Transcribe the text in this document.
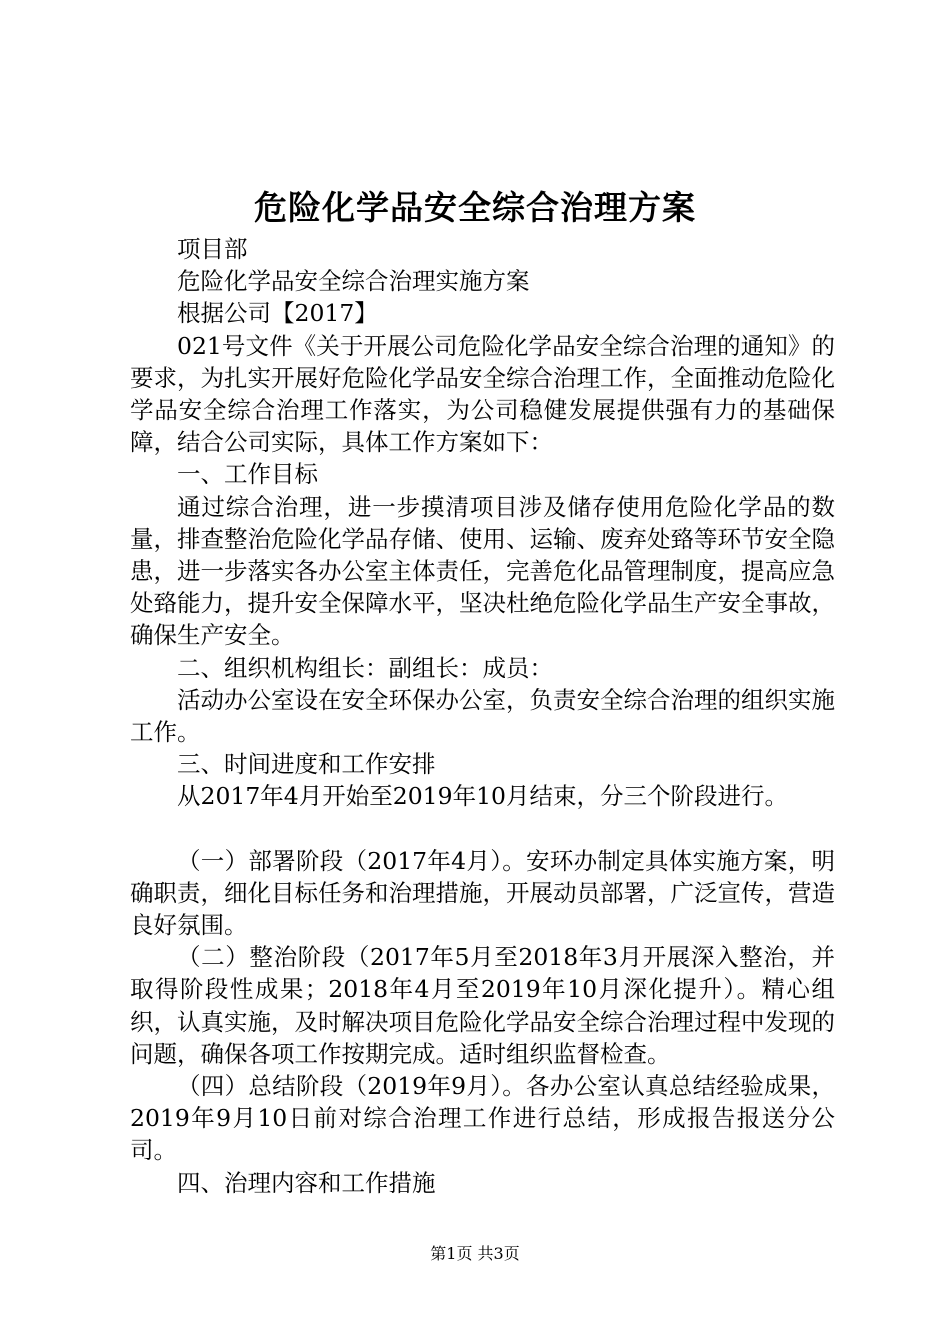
危险化学品安全综合治理方案

项目部

危险化学品安全综合治理实施方案

根据公司【2017】

021号文件《关于开展公司危险化学品安全综合治理的通知》的要求，为扎实开展好危险化学品安全综合治理工作，全面推动危险化学品安全综合治理工作落实，为公司稳健发展提供强有力的基础保障，结合公司实际，具体工作方案如下：

一、工作目标

通过综合治理，进一步摸清项目涉及储存使用危险化学品的数量，排查整治危险化学品存储、使用、运输、废弃处臵等环节安全隐患，进一步落实各办公室主体责任，完善危化品管理制度，提高应急处臵能力，提升安全保障水平，坚决杜绝危险化学品生产安全事故，确保生产安全。

二、组织机构组长：副组长：成员：

活动办公室设在安全环保办公室，负责安全综合治理的组织实施工作。

三、时间进度和工作安排

从2017年4月开始至2019年10月结束，分三个阶段进行。

（一）部署阶段（2017年4月）。安环办制定具体实施方案，明确职责，细化目标任务和治理措施，开展动员部署，广泛宣传，营造良好氛围。

（二）整治阶段（2017年5月至2018年3月开展深入整治，并取得阶段性成果；2018年4月至2019年10月深化提升）。精心组织，认真实施，及时解决项目危险化学品安全综合治理过程中发现的问题，确保各项工作按期完成。适时组织监督检查。

（四）总结阶段（2019年9月）。各办公室认真总结经验成果，2019年9月10日前对综合治理工作进行总结，形成报告报送分公司。

四、治理内容和工作措施

第1页 共3页
